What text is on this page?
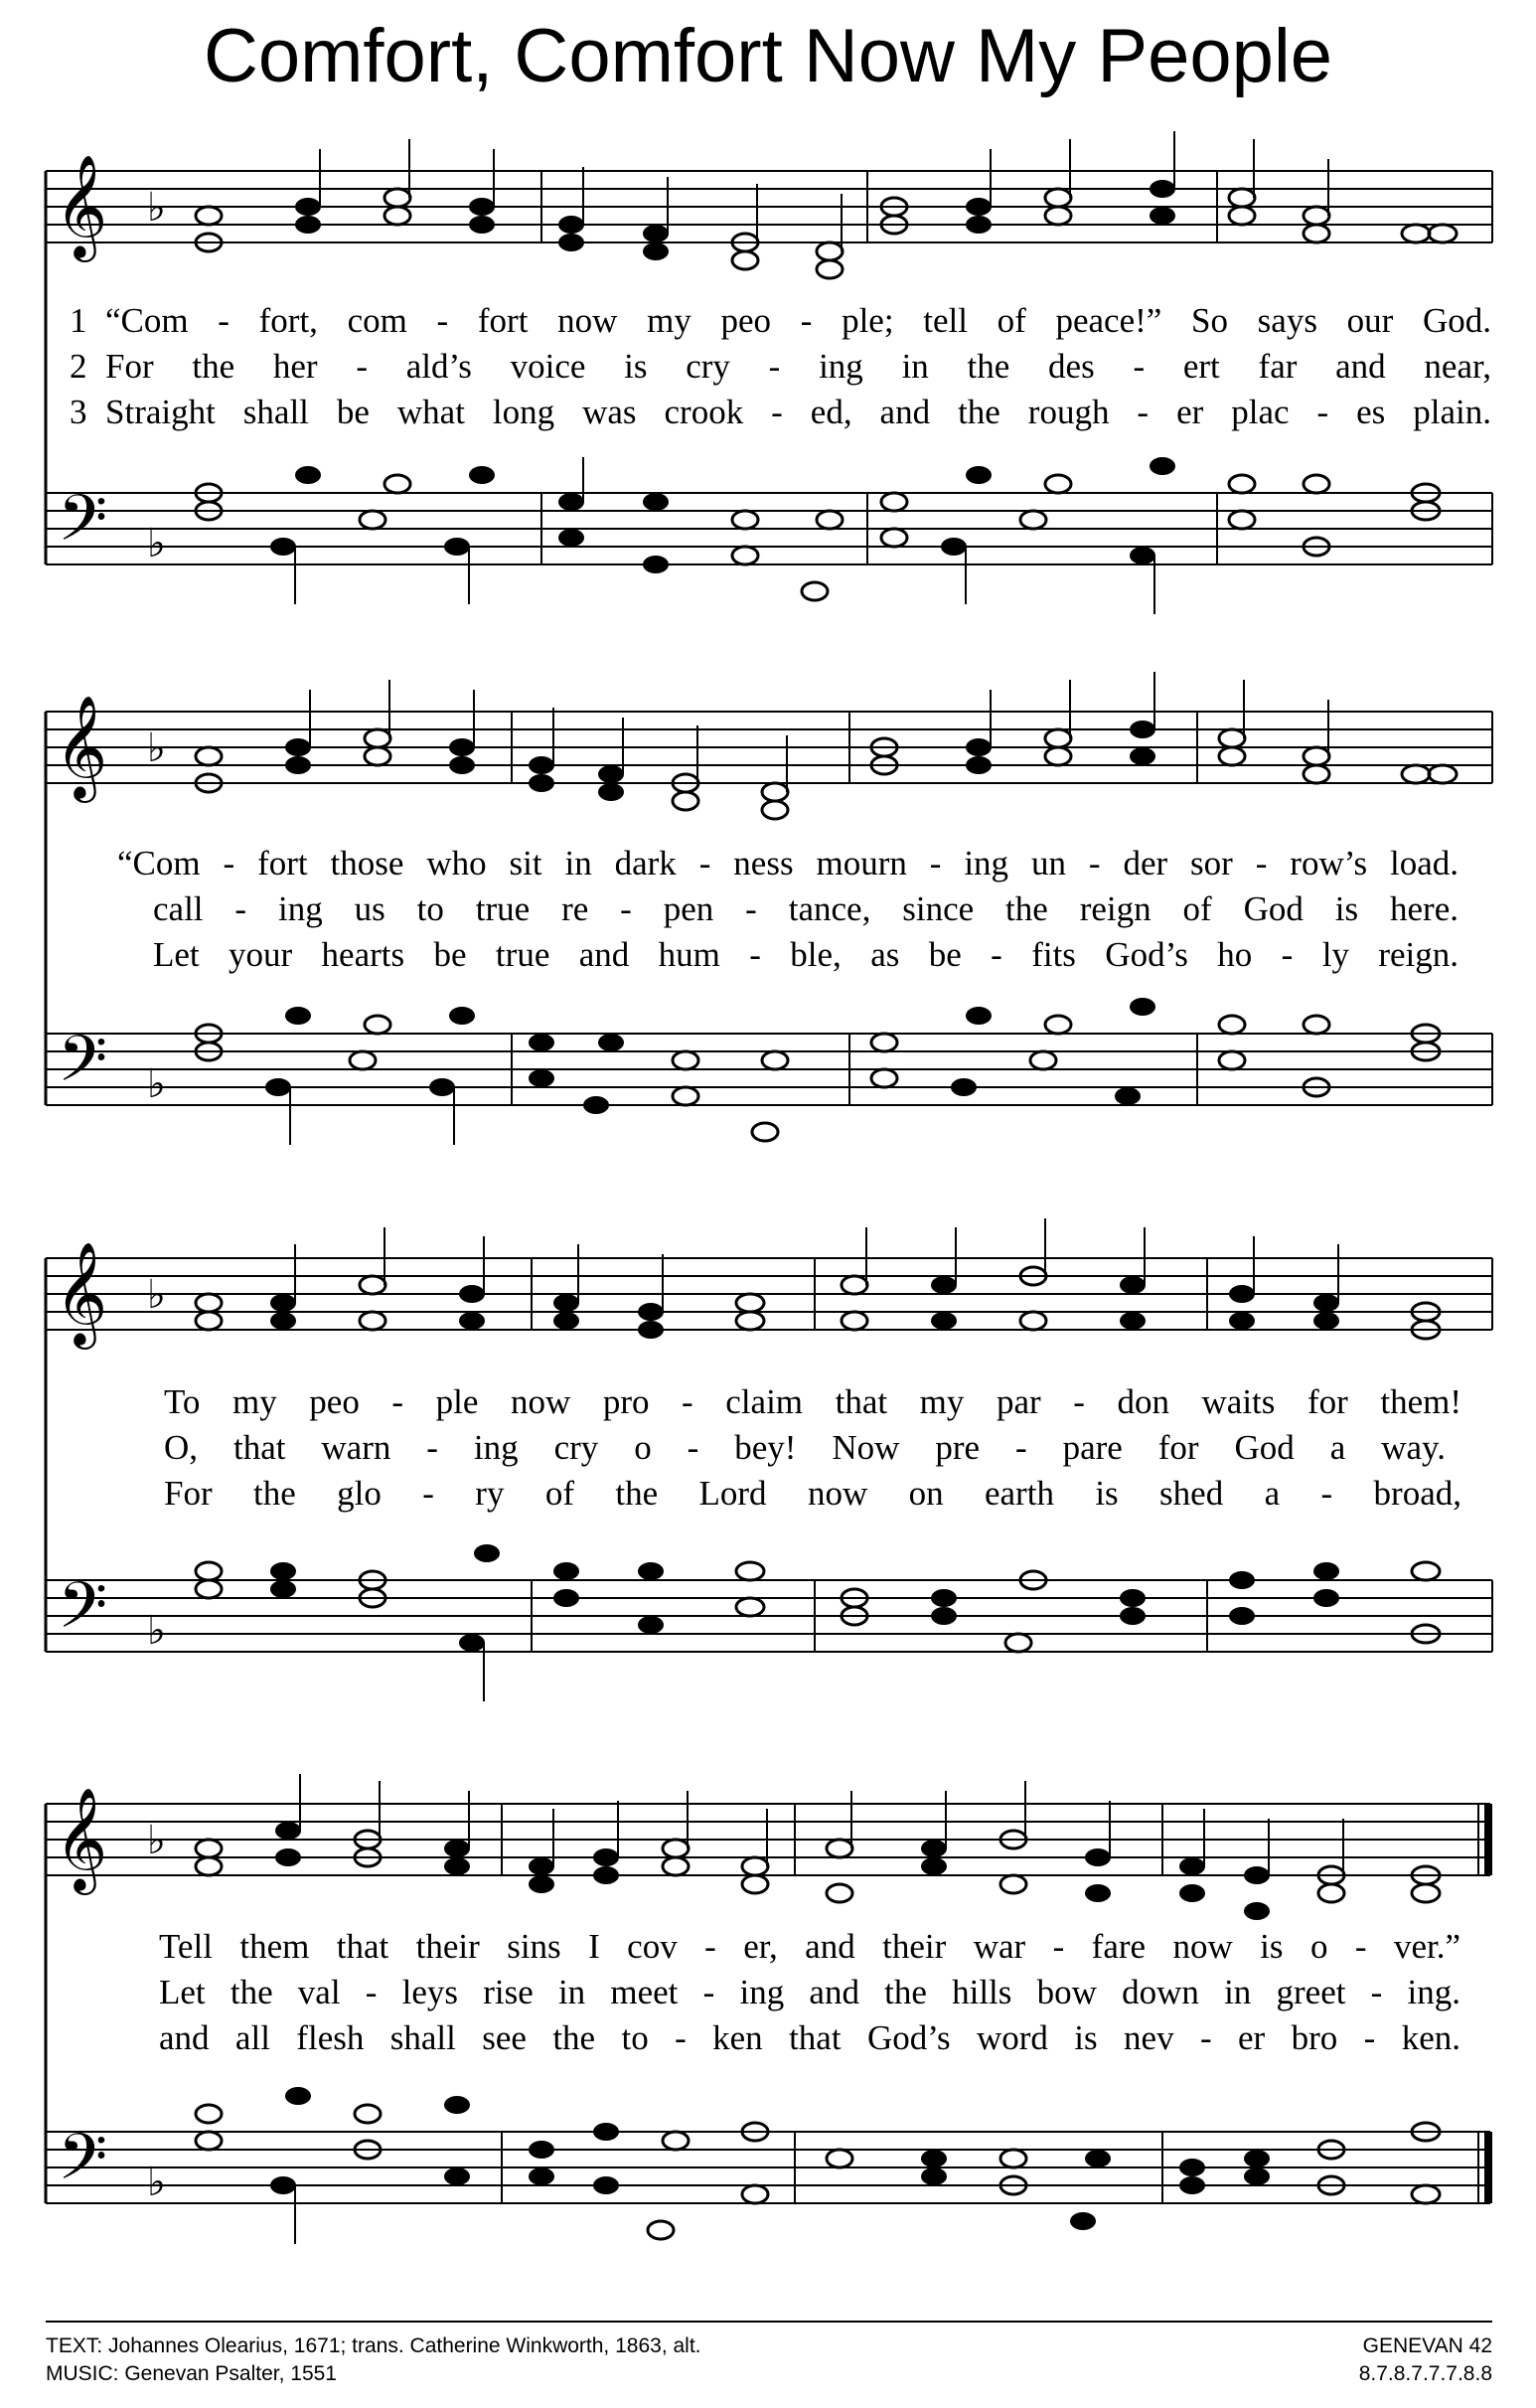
Comfort, Comfort Now My People
𝄞
𝄢
♭
♭
𝄞
𝄢
♭
♭
𝄞
𝄢
♭
♭
𝄞
𝄢
♭
♭
1 “Com - fort, com - fort now my peo - ple; tell of peace!” So says our God.
2 For the her - ald’s voice is cry - ing in the des - ert far and near,
3 Straight shall be what long was crook - ed, and the rough - er plac - es plain.
“Com - fort those who sit in dark - ness mourn - ing un - der sor - row’s load.
call - ing us to true re - pen - tance, since the reign of God is here.
Let your hearts be true and hum - ble, as be - fits God’s ho - ly reign.
To my peo - ple now pro - claim that my par - don waits for them!
O, that warn - ing cry o - bey! Now pre - pare for God a way.
For the glo - ry of the Lord now on earth is shed a - broad,
Tell them that their sins I cov - er, and their war - fare now is o - ver.”
Let the val - leys rise in meet - ing and the hills bow down in greet - ing.
and all flesh shall see the to - ken that God’s word is nev - er bro - ken.
TEXT: Johannes Olearius, 1671; trans. Catherine Winkworth, 1863, alt.
MUSIC: Genevan Psalter, 1551
GENEVAN 42
8.7.8.7.7.7.8.8
